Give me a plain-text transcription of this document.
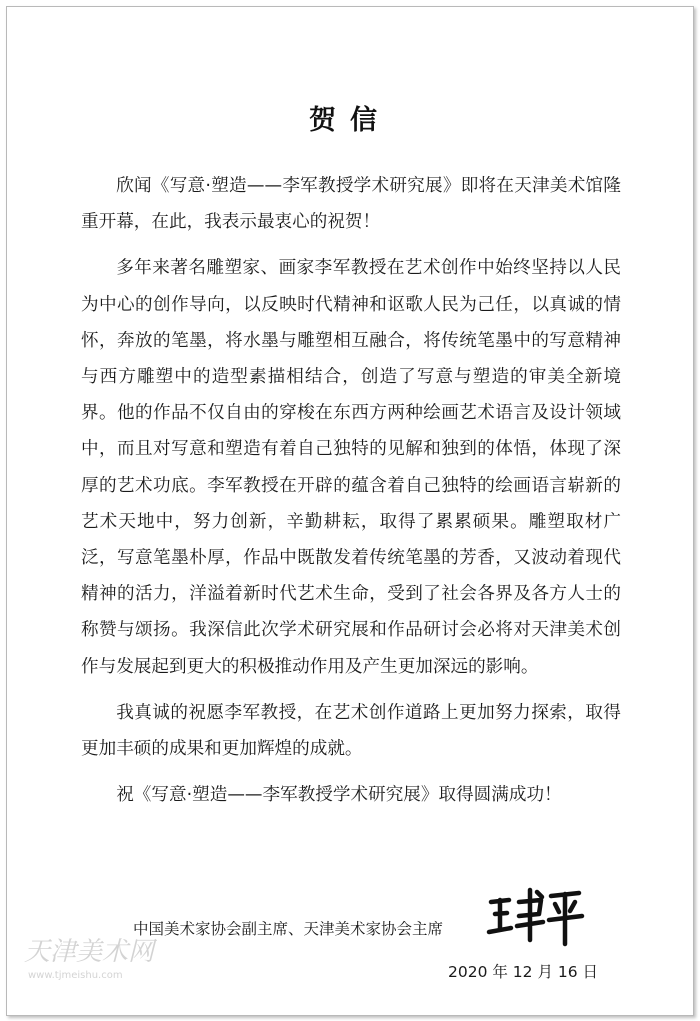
贺信

欣闻《写意·塑造——李军教授学术研究展》即将在天津美术馆隆重开幕，在此，我表示最衷心的祝贺！

多年来著名雕塑家、画家李军教授在艺术创作中始终坚持以人民为中心的创作导向，以反映时代精神和讴歌人民为己任，以真诚的情怀，奔放的笔墨，将水墨与雕塑相互融合，将传统笔墨中的写意精神与西方雕塑中的造型素描相结合，创造了写意与塑造的审美全新境界。他的作品不仅自由的穿梭在东西方两种绘画艺术语言及设计领域中，而且对写意和塑造有着自己独特的见解和独到的体悟，体现了深厚的艺术功底。李军教授在开辟的蕴含着自己独特的绘画语言崭新的艺术天地中，努力创新，辛勤耕耘，取得了累累硕果。雕塑取材广泛，写意笔墨朴厚，作品中既散发着传统笔墨的芳香，又波动着现代精神的活力，洋溢着新时代艺术生命，受到了社会各界及各方人士的称赞与颂扬。我深信此次学术研究展和作品研讨会必将对天津美术创作与发展起到更大的积极推动作用及产生更加深远的影响。

我真诚的祝愿李军教授，在艺术创作道路上更加努力探索，取得更加丰硕的成果和更加辉煌的成就。

祝《写意·塑造——李军教授学术研究展》取得圆满成功！

中国美术家协会副主席、天津美术家协会主席
2020 年 12 月 16 日
天津美术网
www.tjmeishu.com
